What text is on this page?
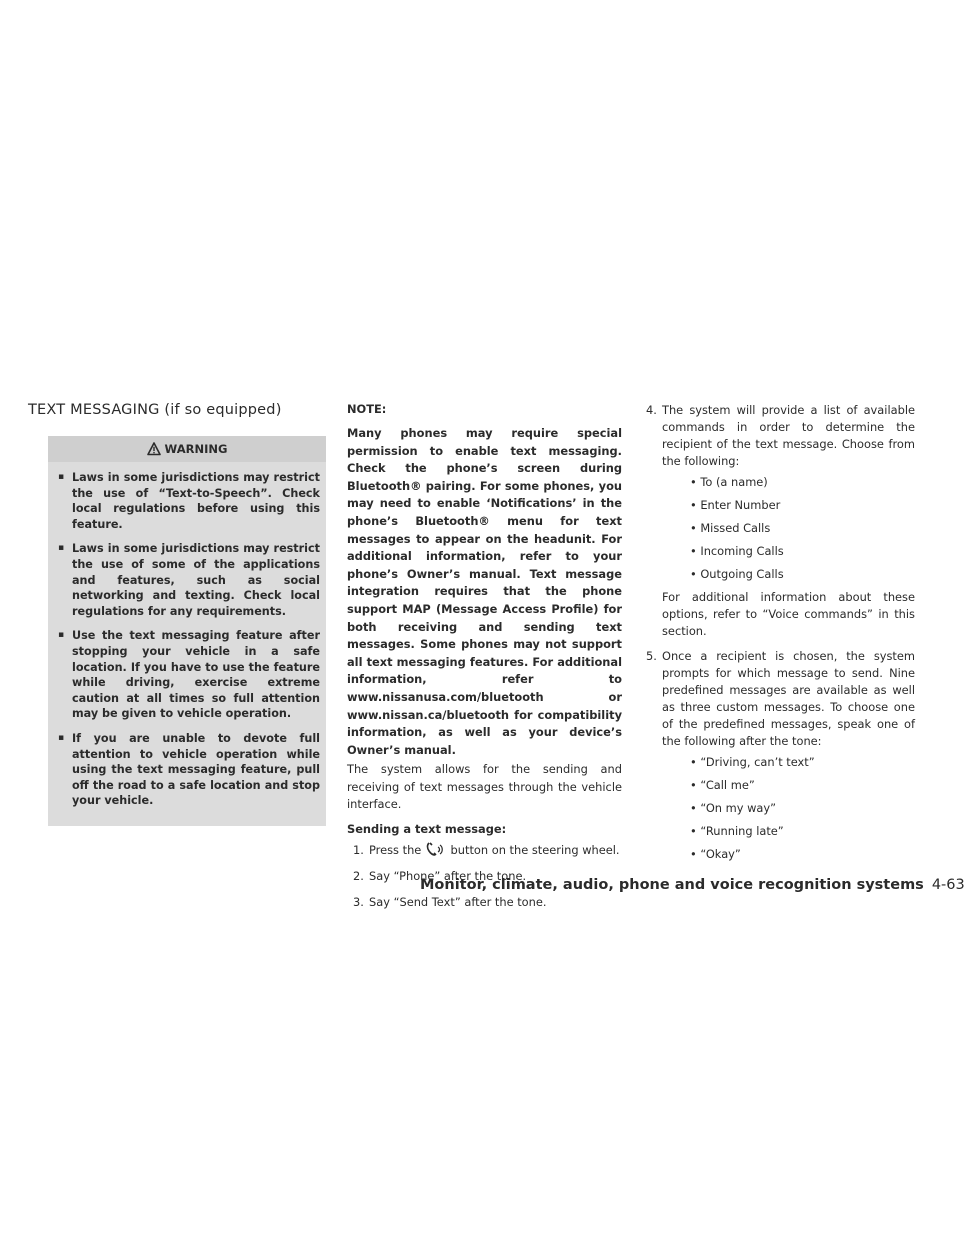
TEXT MESSAGING (if so equipped)
WARNING
▪ Laws in some jurisdictions may restrict the use of “Text-to-Speech”. Check local regulations before using this feature.
▪ Laws in some jurisdictions may restrict the use of some of the applications and features, such as social networking and texting. Check local regulations for any requirements.
▪ Use the text messaging feature after stopping your vehicle in a safe location. If you have to use the feature while driving, exercise extreme caution at all times so full attention may be given to vehicle operation.
▪ If you are unable to devote full attention to vehicle operation while using the text messaging feature, pull off the road to a safe location and stop your vehicle.

NOTE:

Many phones may require special permission to enable text messaging. Check the phone’s screen during Bluetooth® pairing. For some phones, you may need to enable ‘Notifications’ in the phone’s Bluetooth® menu for text messages to appear on the headunit. For additional information, refer to your phone’s Owner’s manual. Text message integration requires that the phone support MAP (Message Access Profile) for both receiving and sending text messages. Some phones may not support all text messaging features. For additional information, refer to www.nissanusa.com/bluetooth or www.nissan.ca/bluetooth for compatibility information, as well as your device’s Owner’s manual.

The system allows for the sending and receiving of text messages through the vehicle interface.

Sending a text message:

1. Press the	button on the steering wheel.
2. Say “Phone” after the tone.
3. Say “Send Text” after the tone.
4. The system will provide a list of available commands in order to determine the recipient of the text message. Choose from the following:
• To (a name)
• Enter Number
• Missed Calls
• Incoming Calls
• Outgoing Calls

For additional information about these options, refer to “Voice commands” in this section.

5. Once a recipient is chosen, the system prompts for which message to send. Nine predefined messages are available as well as three custom messages. To choose one of the predefined messages, speak one of the following after the tone:
• “Driving, can’t text”
• “Call me”
• “On my way”
• “Running late”
• “Okay”
Monitor, climate, audio, phone and voice recognition systems 4-63
